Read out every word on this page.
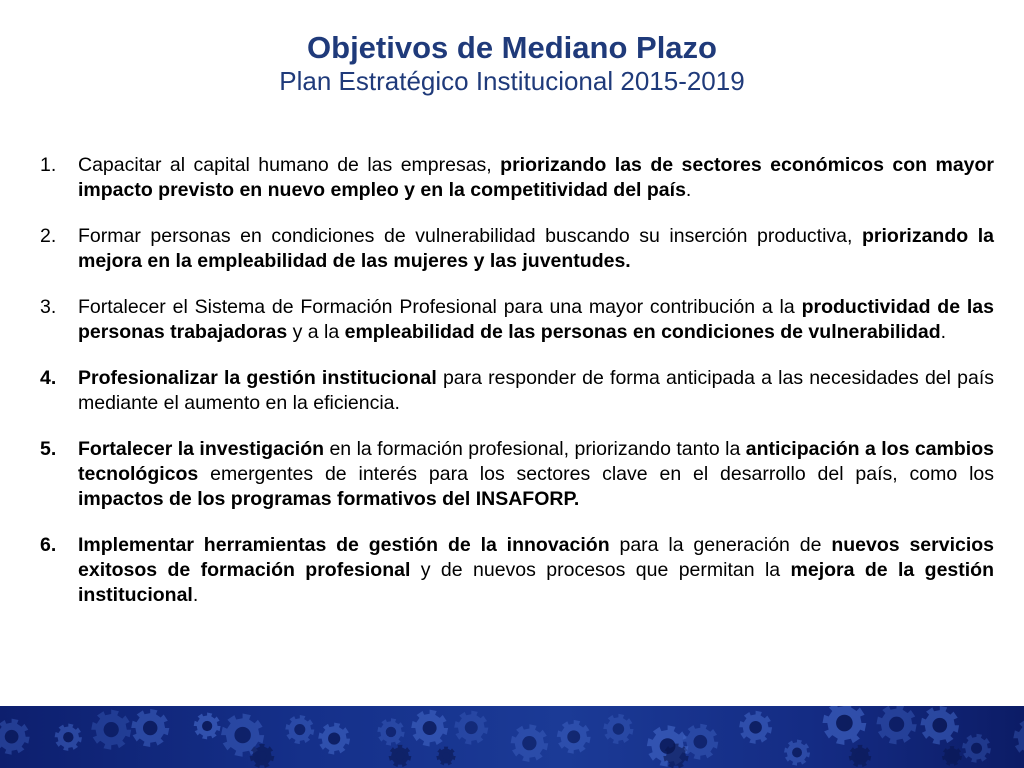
Objetivos de Mediano Plazo
Plan Estratégico Institucional 2015-2019
1.	Capacitar al capital humano de las empresas, priorizando las de sectores económicos con mayor impacto previsto en nuevo empleo y en la competitividad del país.
2.	Formar personas en condiciones de vulnerabilidad buscando su inserción productiva, priorizando la mejora en la empleabilidad de las mujeres y las juventudes.
3.	Fortalecer el Sistema de Formación Profesional para una mayor contribución a la productividad de las personas trabajadoras y a la empleabilidad de las personas en condiciones de vulnerabilidad.
4.	Profesionalizar la gestión institucional para responder de forma anticipada a las necesidades del país mediante el aumento en la eficiencia.
5.	Fortalecer la investigación en la formación profesional, priorizando tanto la anticipación a los cambios tecnológicos emergentes de interés para los sectores clave en el desarrollo del país, como los impactos de los programas formativos del INSAFORP.
6.	Implementar herramientas de gestión de la innovación para la generación de nuevos servicios exitosos de formación profesional y de nuevos procesos que permitan la mejora de la gestión institucional.
